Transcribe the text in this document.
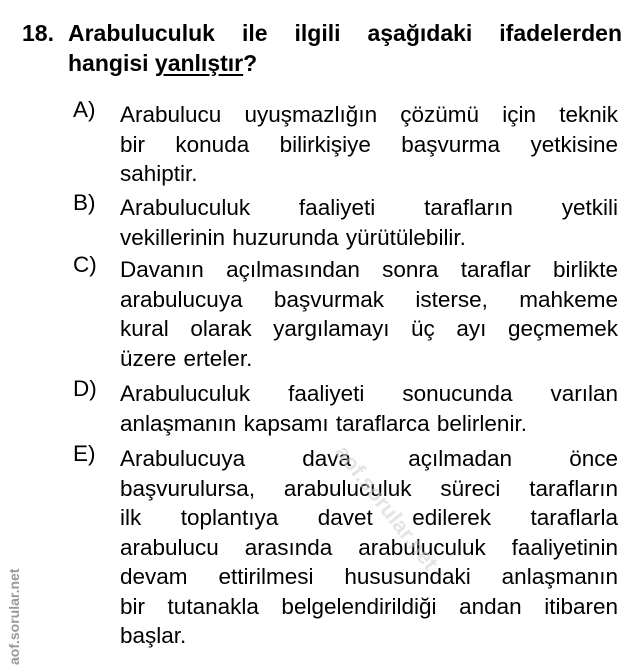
18. Arabuluculuk ile ilgili aşağıdaki ifadelerden
hangisi yanlıştır?
A) Arabulucu uyuşmazlığın çözümü için teknik
bir konuda bilirkişiye başvurma yetkisine
sahiptir.
B) Arabuluculuk faaliyeti tarafların yetkili
vekillerinin huzurunda yürütülebilir.
C) Davanın açılmasından sonra taraflar birlikte
arabulucuya başvurmak isterse, mahkeme
kural olarak yargılamayı üç ayı geçmemek
üzere erteler.
D) Arabuluculuk faaliyeti sonucunda varılan
anlaşmanın kapsamı taraflarca belirlenir.
E) Arabulucuya dava açılmadan önce
başvurulursa, arabuluculuk süreci tarafların
ilk toplantıya davet edilerek taraflarla
arabulucu arasında arabuluculuk faaliyetinin
devam ettirilmesi hususundaki anlaşmanın
bir tutanakla belgelendirildiği andan itibaren
başlar.
aof.sorular.net
aof.sorular.net
